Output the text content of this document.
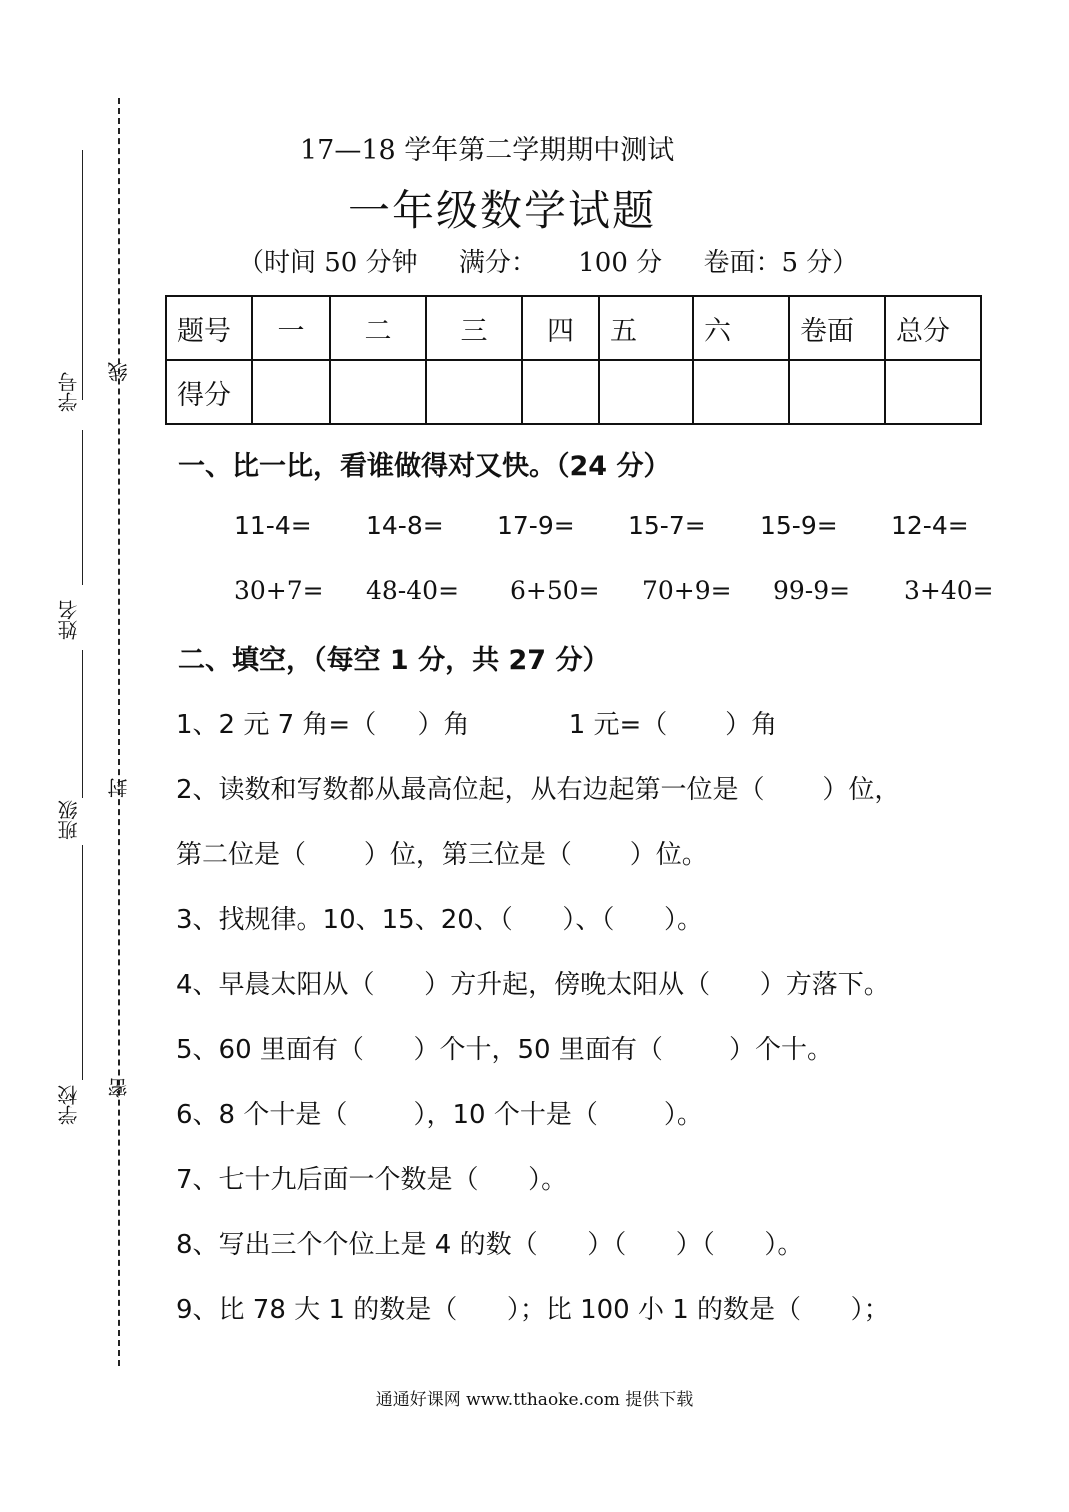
学号
姓名
班级
学校
线
封
密
17—18 学年第二学期期中测试
一年级数学试题
（时间 50 分钟     满分：     100 分     卷面：5 分）
题号	一	二	三	四	五	六	卷面	总分
得分								
一、比一比，看谁做得对又快。（24 分）
11-4= 14-8= 17-9= 15-7= 15-9= 12-4=
30+7= 48-40= 6+50= 70+9= 99-9= 3+40=
二、填空，（每空 1 分，共 27 分）
1、2 元 7 角=（     ）角            1 元=（       ）角
2、读数和写数都从最高位起，从右边起第一位是（       ）位，
第二位是（       ）位，第三位是（       ）位。
3、找规律。10、15、20、（      ）、（      ）。
4、早晨太阳从（      ）方升起，傍晚太阳从（      ）方落下。
5、60 里面有（      ）个十，50 里面有（        ）个十。
6、8 个十是（        ），10 个十是（        ）。
7、七十九后面一个数是（      ）。
8、写出三个个位上是 4 的数（      ）（      ）（      ）。
9、比 78 大 1 的数是（      ）；比 100 小 1 的数是（      ）；
通通好课网 www.tthaoke.com 提供下载
